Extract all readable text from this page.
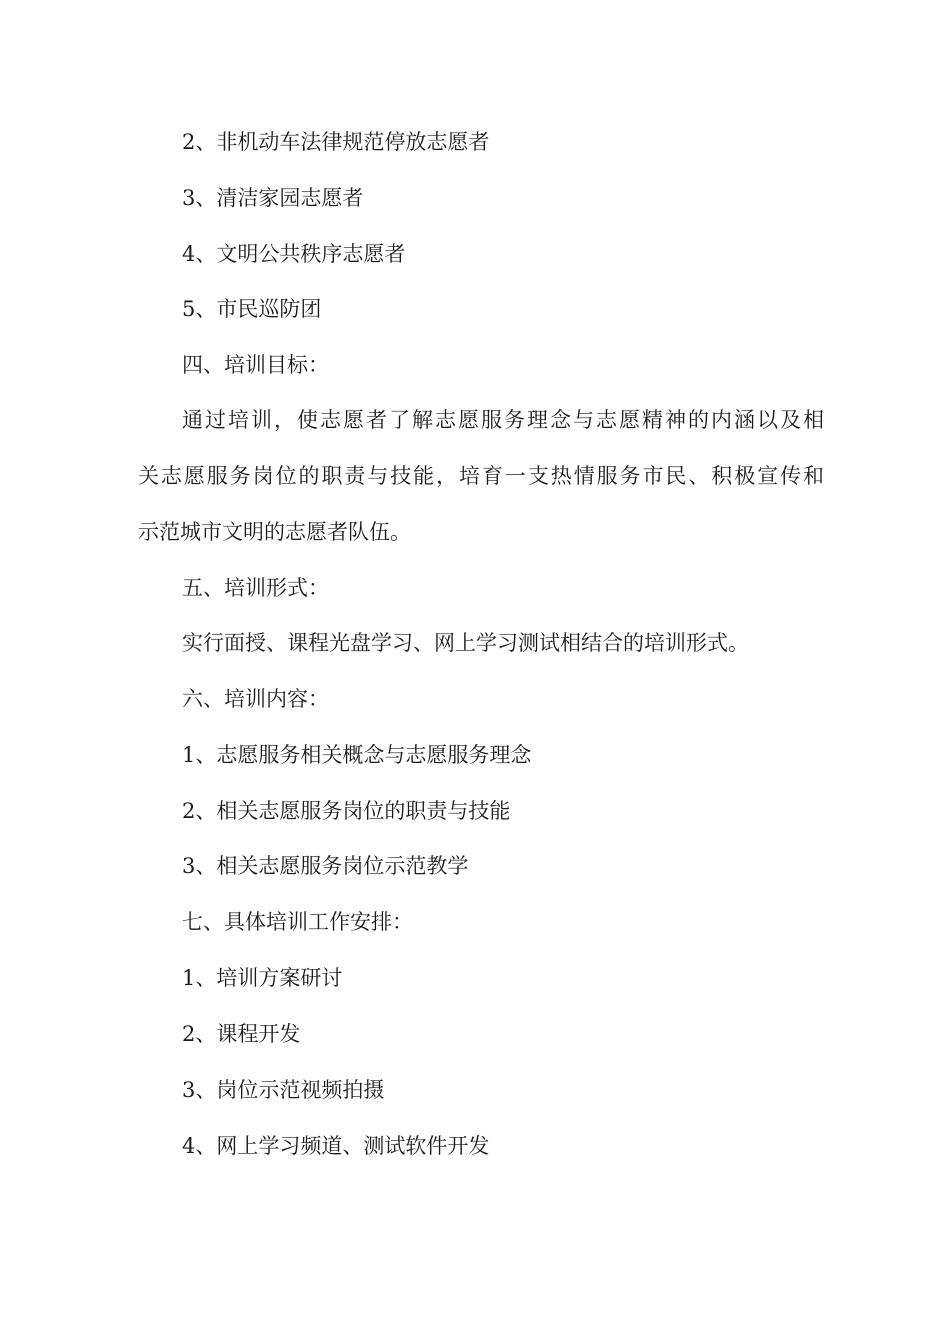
2、非机动车法律规范停放志愿者
3、清洁家园志愿者
4、文明公共秩序志愿者
5、市民巡防团
四、培训目标：
通过培训，使志愿者了解志愿服务理念与志愿精神的内涵以及相
关志愿服务岗位的职责与技能，培育一支热情服务市民、积极宣传和
示范城市文明的志愿者队伍。
五、培训形式：
实行面授、课程光盘学习、网上学习测试相结合的培训形式。
六、培训内容：
1、志愿服务相关概念与志愿服务理念
2、相关志愿服务岗位的职责与技能
3、相关志愿服务岗位示范教学
七、具体培训工作安排：
1、培训方案研讨
2、课程开发
3、岗位示范视频拍摄
4、网上学习频道、测试软件开发
